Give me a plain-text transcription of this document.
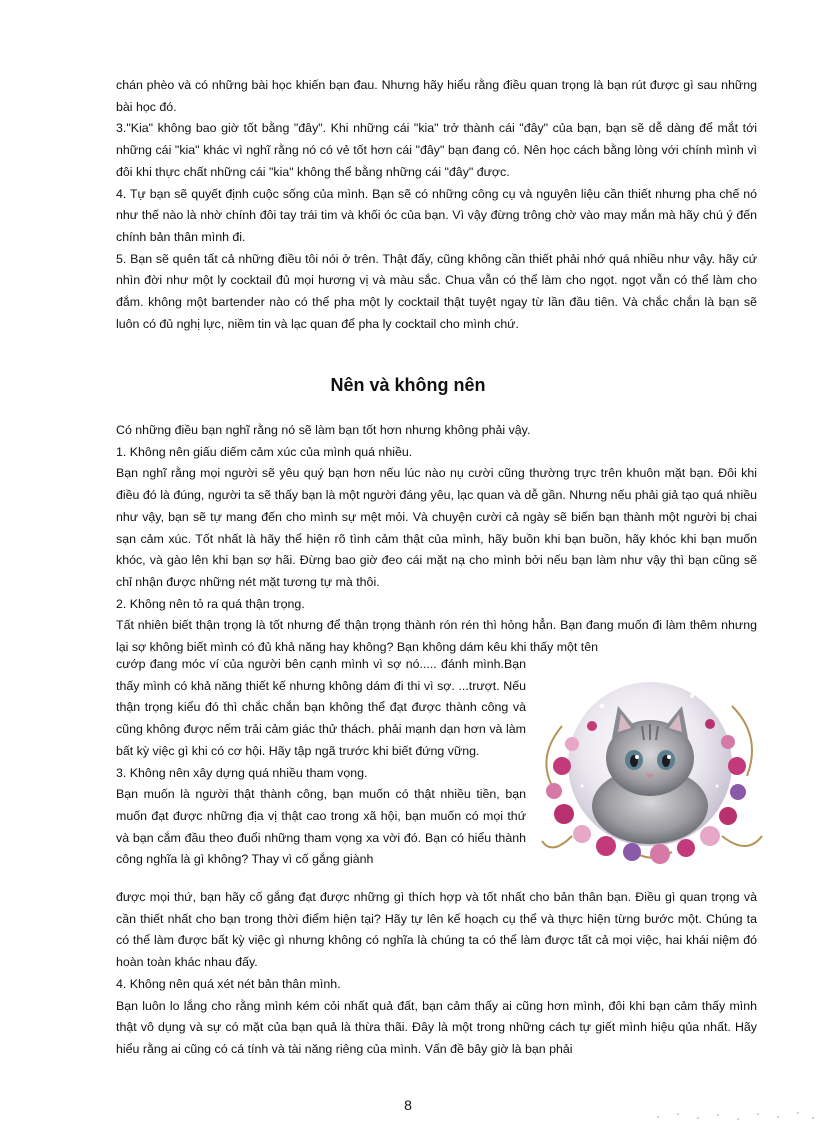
chán phèo và có những bài học khiến bạn đau. Nhưng hãy hiểu rằng điều quan trọng là bạn rút được gì sau những bài học đó.

3."Kia" không bao giờ tốt bằng "đây". Khi những cái "kia" trở thành cái "đây" của bạn, bạn sẽ dễ dàng để mắt tới những cái "kia" khác vì nghĩ rằng nó có vẻ tốt hơn cái "đây" bạn đang có. Nên học cách bằng lòng với chính mình vì đôi khi thực chất những cái "kia" không thể bằng những cái "đây" được.

4. Tự bạn sẽ quyết định cuộc sống của mình. Bạn sẽ có những công cụ và nguyên liệu cần thiết nhưng pha chế nó như thế nào là nhờ chính đôi tay trái tim và khối óc của bạn. Vì vậy đừng trông chờ vào may mắn mà hãy chú ý đến chính bản thân mình đi.

5. Bạn sẽ quên tất cả những điều tôi nói ở trên. Thật đấy, cũng không cần thiết phải nhớ quá nhiều như vậy. hãy cứ nhìn đời như một ly cocktail đủ mọi hương vị và màu sắc. Chua vẫn có thể làm cho ngọt. ngọt vẫn có thể làm cho đắm. không một bartender nào có thể pha một ly cocktail thật tuyệt ngay từ lần đầu tiên. Và chắc chắn là bạn sẽ luôn có đủ nghị lực, niềm tin và lạc quan để pha ly cocktail cho mình chứ.

Nên và không nên

Có những điều bạn nghĩ rằng nó sẽ làm bạn tốt hơn nhưng không phải vậy.

1. Không nên giấu diếm cảm xúc của mình quá nhiều.

Bạn nghĩ rằng mọi người sẽ yêu quý bạn hơn nếu lúc nào nụ cười cũng thường trực trên khuôn mặt bạn. Đôi khi điều đó là đúng, người ta sẽ thấy bạn là một người đáng yêu, lạc quan và dễ gần. Nhưng nếu phải giả tạo quá nhiều như vậy, bạn sẽ tự mang đến cho mình sự mệt mỏi. Và chuyện cười cả ngày sẽ biến bạn thành một người bị chai sạn cảm xúc. Tốt nhất là hãy thể hiện rõ tình cảm thật của mình, hãy buồn khi bạn buồn, hãy khóc khi bạn muốn khóc, và gào lên khi bạn sợ hãi. Đừng bao giờ đeo cái mặt nạ cho mình bởi nếu bạn làm như vậy thì bạn cũng sẽ chỉ nhận được những nét mặt tương tự mà thôi.

2. Không nên tỏ ra quá thận trọng.

Tất nhiên biết thận trọng là tốt nhưng để thận trọng thành rón rén thì hỏng hẳn. Bạn đang muốn đi làm thêm nhưng lại sợ không biết mình có đủ khả năng hay không? Bạn không dám kêu khi thấy một tên

cướp đang móc ví của người bên cạnh mình vì sợ nó..... đánh mình.Bạn thấy mình có khả năng thiết kế nhưng không dám đi thi vì sợ. ...trượt. Nếu thận trọng kiểu đó thì chắc chắn bạn không thể đạt được thành công và cũng không được nếm trải cảm giác thử thách. phải mạnh dạn hơn và làm bất kỳ việc gì khi có cơ hội. Hãy tập ngã trước khi biết đứng vững.

3. Không nên xây dựng quá nhiều tham vọng.

Bạn muốn là người thật thành công, bạn muốn có thật nhiều tiền, bạn muốn đạt được những địa vị thật cao trong xã hội, bạn muốn có mọi thứ và bạn cắm đầu theo đuổi những tham vọng xa vời đó. Bạn có hiểu thành công nghĩa là gì không? Thay vì cố gắng giành

được mọi thứ, bạn hãy cố gắng đạt được những gì thích hợp và tốt nhất cho bản thân bạn. Điều gì quan trọng và cần thiết nhất cho bạn trong thời điểm hiện tại? Hãy tự lên kế hoạch cụ thể và thực hiện từng bước một. Chúng ta có thể làm được bất kỳ việc gì nhưng không có nghĩa là chúng ta có thể làm được tất cả mọi việc, hai khái niệm đó hoàn toàn khác nhau đấy.

4. Không nên quá xét nét bản thân mình.

Bạn luôn lo lắng cho rằng mình kém cỏi nhất quả đất, bạn cảm thấy ai cũng hơn mình, đôi khi bạn cảm thấy mình thật vô dụng và sự có mặt của bạn quả là thừa thãi. Đây là một trong những cách tự giết mình hiệu qủa nhất. Hãy hiểu rằng ai cũng có cá tính và tài năng riêng của mình. Vấn đề bây giờ là bạn phải

8
